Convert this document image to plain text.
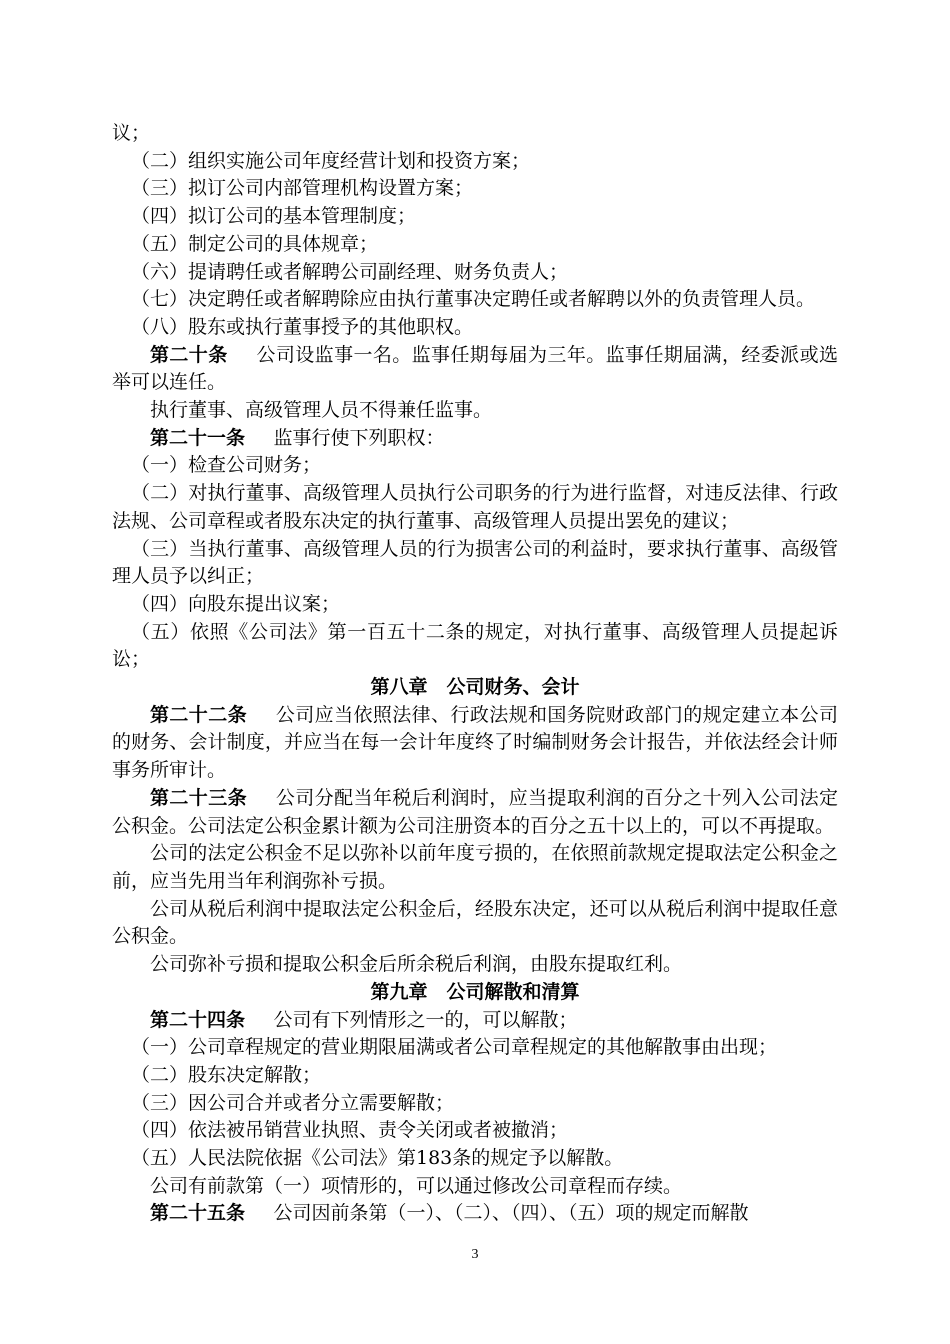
议；

（二）组织实施公司年度经营计划和投资方案；

（三）拟订公司内部管理机构设置方案；

（四）拟订公司的基本管理制度；

（五）制定公司的具体规章；

（六）提请聘任或者解聘公司副经理、财务负责人；

（七）决定聘任或者解聘除应由执行董事决定聘任或者解聘以外的负责管理人员。

（八）股东或执行董事授予的其他职权。

第二十条 公司设监事一名。监事任期每届为三年。监事任期届满，经委派或选举可以连任。

执行董事、高级管理人员不得兼任监事。

第二十一条 监事行使下列职权：

（一）检查公司财务；

（二）对执行董事、高级管理人员执行公司职务的行为进行监督，对违反法律、行政法规、公司章程或者股东决定的执行董事、高级管理人员提出罢免的建议；

（三）当执行董事、高级管理人员的行为损害公司的利益时，要求执行董事、高级管理人员予以纠正；

（四）向股东提出议案；

（五）依照《公司法》第一百五十二条的规定，对执行董事、高级管理人员提起诉讼；

第八章　公司财务、会计

第二十二条 公司应当依照法律、行政法规和国务院财政部门的规定建立本公司的财务、会计制度，并应当在每一会计年度终了时编制财务会计报告，并依法经会计师事务所审计。

第二十三条 公司分配当年税后利润时，应当提取利润的百分之十列入公司法定公积金。公司法定公积金累计额为公司注册资本的百分之五十以上的，可以不再提取。

公司的法定公积金不足以弥补以前年度亏损的，在依照前款规定提取法定公积金之前，应当先用当年利润弥补亏损。

公司从税后利润中提取法定公积金后，经股东决定，还可以从税后利润中提取任意公积金。

公司弥补亏损和提取公积金后所余税后利润，由股东提取红利。

第九章　公司解散和清算

第二十四条 公司有下列情形之一的，可以解散；

（一）公司章程规定的营业期限届满或者公司章程规定的其他解散事由出现；

（二）股东决定解散；

（三）因公司合并或者分立需要解散；

（四）依法被吊销营业执照、责令关闭或者被撤消；

（五）人民法院依据《公司法》第183条的规定予以解散。

公司有前款第（一）项情形的，可以通过修改公司章程而存续。

第二十五条 公司因前条第（一）、（二）、（四）、（五）项的规定而解散

3
